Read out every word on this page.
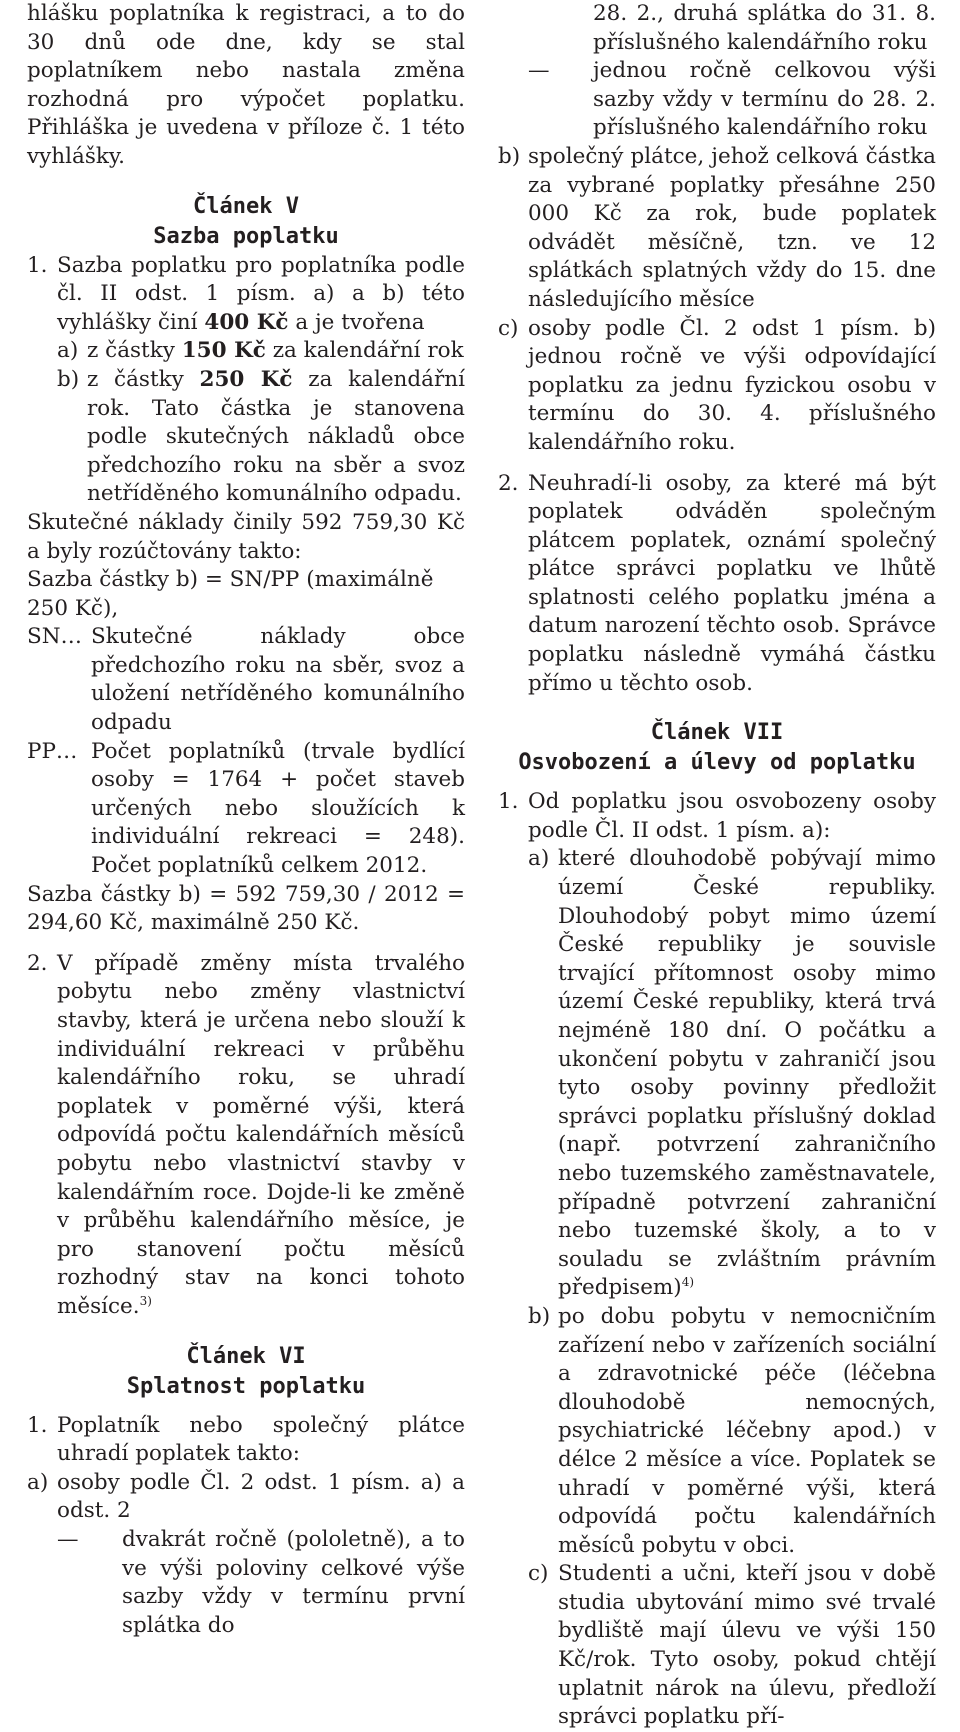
hlášku poplatníka k registraci, a to do 30 dnů ode dne, kdy se stal poplatníkem nebo nastala změna rozhodná pro výpočet poplatku. Přihláška je uvedena v příloze č. 1 této vyhlášky.

Článek V
Sazba poplatku
1. Sazba poplatku pro poplatníka podle čl. II odst. 1 písm. a) a b) této vyhlášky činí 400 Kč a je tvořena
a) z částky 150 Kč za kalendářní rok
b) z částky 250 Kč za kalendářní rok. Tato částka je stanovena podle skutečných nákladů obce předchozího roku na sběr a svoz netříděného komunálního odpadu.

Skutečné náklady činily 592 759,30 Kč a byly rozúčtovány takto:

Sazba částky b) = SN/PP (maximálně 250 Kč),

SN… Skutečné náklady obce předchozího roku na sběr, svoz a uložení netříděného komunálního odpadu
PP… Počet poplatníků (trvale bydlící osoby = 1764 + počet staveb určených nebo sloužících k individuální rekreaci = 248). Počet poplatníků celkem 2012.

Sazba částky b) = 592 759,30 / 2012 = 294,60 Kč, maximálně 250 Kč.

2. V případě změny místa trvalého pobytu nebo změny vlastnictví stavby, která je určena nebo slouží k individuální rekreaci v průběhu kalendářního roku, se uhradí poplatek v poměrné výši, která odpovídá počtu kalendářních měsíců pobytu nebo vlastnictví stavby v kalendářním roce. Dojde-li ke změně v průběhu kalendářního měsíce, je pro stanovení počtu měsíců rozhodný stav na konci tohoto měsíce.$^{3)}$
Článek VI
Splatnost poplatku
1. Poplatník nebo společný plátce uhradí poplatek takto:
a) osoby podle Čl. 2 odst. 1 písm. a) a odst. 2
—	dvakrát ročně (pololetně), a to ve výši poloviny celkové výše sazby vždy v termínu první splátka do

28. 2., druhá splátka do 31. 8. příslušného kalendářního roku

—	jednou ročně celkovou výši sazby vždy v termínu do 28. 2. příslušného kalendářního roku
b) společný plátce, jehož celková částka za vybrané poplatky přesáhne 250 000 Kč za rok, bude poplatek odvádět měsíčně, tzn. ve 12 splátkách splatných vždy do 15. dne následujícího měsíce
c) osoby podle Čl. 2 odst 1 písm. b) jednou ročně ve výši odpovídající poplatku za jednu fyzickou osobu v termínu do 30. 4. příslušného kalendářního roku.
2. Neuhradí-li osoby, za které má být poplatek odváděn společným plátcem poplatek, oznámí společný plátce správci poplatku ve lhůtě splatnosti celého poplatku jména a datum narození těchto osob. Správce poplatku následně vymáhá částku přímo u těchto osob.
Článek VII
Osvobození a úlevy od poplatku
1. Od poplatku jsou osvobozeny osoby podle Čl. II odst. 1 písm. a):
a) které dlouhodobě pobývají mimo území České republiky. Dlouhodobý pobyt mimo území České republiky je souvisle trvající přítomnost osoby mimo území České republiky, která trvá nejméně 180 dní. O počátku a ukončení pobytu v zahraničí jsou tyto osoby povinny předložit správci poplatku příslušný doklad (např. potvrzení zahraničního nebo tuzemského zaměstnavatele, případně potvrzení zahraniční nebo tuzemské školy, a to v souladu se zvláštním právním předpisem)$^{4)}$
b) po dobu pobytu v nemocničním zařízení nebo v zařízeních sociální a zdravotnické péče (léčebna dlouhodobě nemocných, psychiatrické léčebny apod.) v délce 2 měsíce a více. Poplatek se uhradí v poměrné výši, která odpovídá počtu kalendářních měsíců pobytu v obci.
c) Studenti a učni, kteří jsou v době studia ubytování mimo své trvalé bydliště mají úlevu ve výši 150 Kč/rok. Tyto osoby, pokud chtějí uplatnit nárok na úlevu, předloží správci poplatku pří-
